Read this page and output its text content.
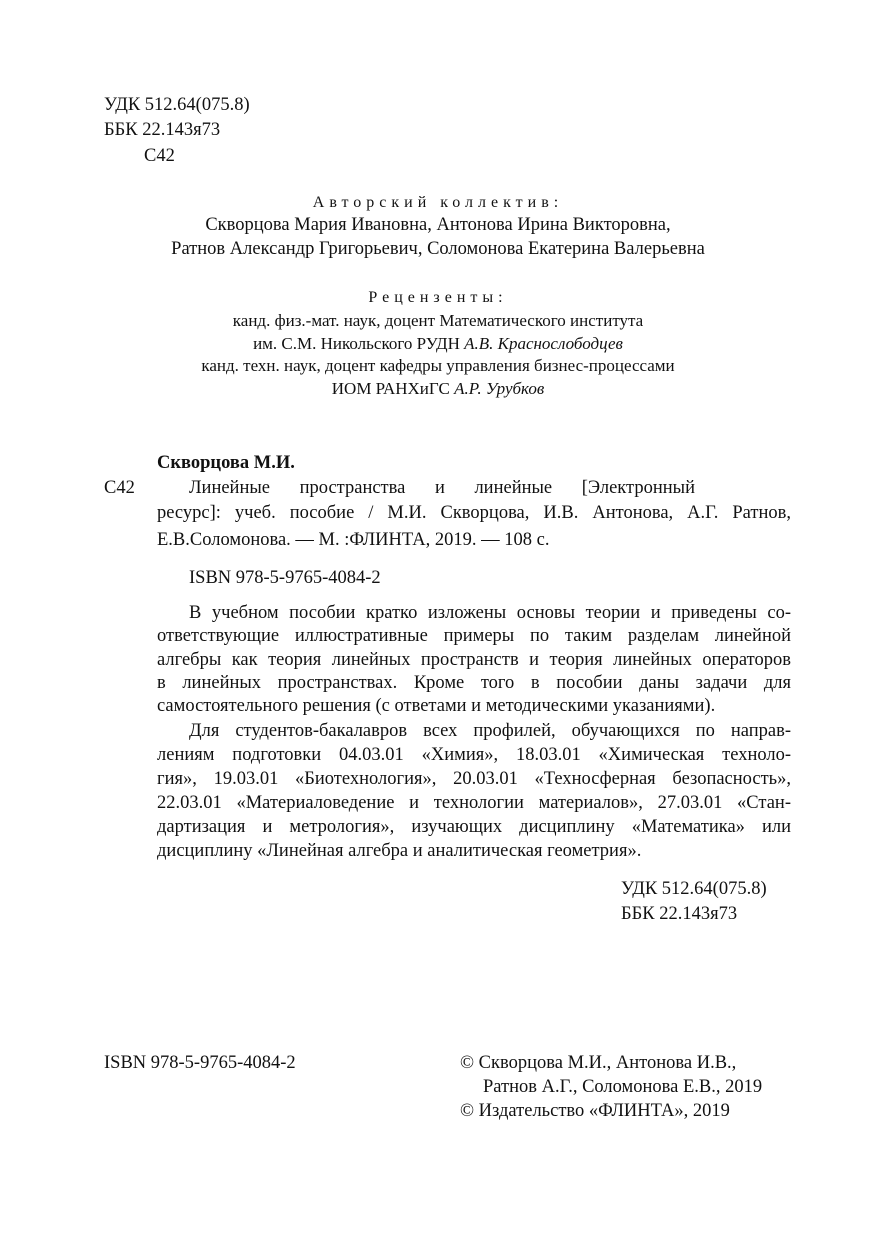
УДК 512.64(075.8)
ББК 22.143я73
С42
Авторский коллектив:
Скворцова Мария Ивановна, Антонова Ирина Викторовна,
Ратнов Александр Григорьевич, Соломонова Екатерина Валерьевна
Рецензенты:
канд. физ.-мат. наук, доцент Математического института
им. С.М. Никольского РУДН А.В. Краснослободцев
канд. техн. наук, доцент кафедры управления бизнес-процессами
ИОМ РАНХиГС А.Р. Урубков
Скворцова М.И.
С42	Линейные пространства и линейные [Электронный
ресурс]: учеб. пособие / М.И. Скворцова, И.В. Антонова, А.Г. Ратнов,
Е.В.Соломонова. — М. :ФЛИНТА, 2019. — 108 с.
ISBN 978-5-9765-4084-2
В учебном пособии кратко изложены основы теории и приведены со-
ответствующие иллюстративные примеры по таким разделам линейной
алгебры как теория линейных пространств и теория линейных операторов
в линейных пространствах. Кроме того в пособии даны задачи для
самостоятельного решения (с ответами и методическими указаниями).
Для студентов-бакалавров всех профилей, обучающихся по направ-
лениям подготовки 04.03.01 «Химия», 18.03.01 «Химическая техноло-
гия», 19.03.01 «Биотехнология», 20.03.01 «Техносферная безопасность»,
22.03.01 «Материаловедение и технологии материалов», 27.03.01 «Стан-
дартизация и метрология», изучающих дисциплину «Математика» или
дисциплину «Линейная алгебра и аналитическая геометрия».
УДК 512.64(075.8)
ББК 22.143я73
ISBN 978-5-9765-4084-2	© Скворцова М.И., Антонова И.В.,
Ратнов А.Г., Соломонова Е.В., 2019
© Издательство «ФЛИНТА», 2019
